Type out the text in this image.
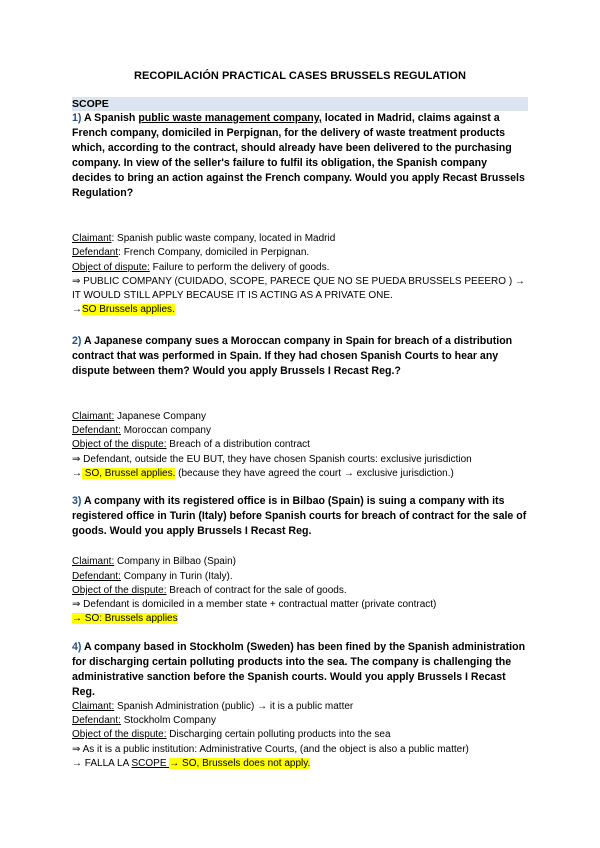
RECOPILACIÓN PRACTICAL CASES BRUSSELS REGULATION

SCOPE

1) A Spanish public waste management company, located in Madrid, claims against a French company, domiciled in Perpignan, for the delivery of waste treatment products which, according to the contract, should already have been delivered to the purchasing company. In view of the seller's failure to fulfil its obligation, the Spanish company decides to bring an action against the French company. Would you apply Recast Brussels Regulation?

Claimant: Spanish public waste company, located in Madrid

Defendant: French Company, domiciled in Perpignan.

Object of dispute: Failure to perform the delivery of goods.

⇒ PUBLIC COMPANY (CUIDADO, SCOPE, PARECE QUE NO SE PUEDA BRUSSELS PEEERO ) → IT WOULD STILL APPLY BECAUSE IT IS ACTING AS A PRIVATE ONE.

→SO Brussels applies.

2) A Japanese company sues a Moroccan company in Spain for breach of a distribution contract that was performed in Spain. If they had chosen Spanish Courts to hear any dispute between them? Would you apply Brussels I Recast Reg.?

Claimant: Japanese Company

Defendant: Moroccan company

Object of the dispute: Breach of a distribution contract

⇒ Defendant, outside the EU BUT, they have chosen Spanish courts: exclusive jurisdiction

→ SO, Brussel applies. (because they have agreed the court → exclusive jurisdiction.)

3) A company with its registered office is in Bilbao (Spain) is suing a company with its registered office in Turin (Italy) before Spanish courts for breach of contract for the sale of goods. Would you apply Brussels I Recast Reg.

Claimant: Company in Bilbao (Spain)

Defendant: Company in Turin (Italy).

Object of the dispute: Breach of contract for the sale of goods.

⇒ Defendant is domiciled in a member state + contractual matter (private contract)

→ SO: Brussels applies

4) A company based in Stockholm (Sweden) has been fined by the Spanish administration for discharging certain polluting products into the sea. The company is challenging the administrative sanction before the Spanish courts. Would you apply Brussels I Recast Reg.

Claimant: Spanish Administration (public) → it is a public matter

Defendant: Stockholm Company

Object of the dispute: Discharging certain polluting products into the sea

⇒ As it is a public institution: Administrative Courts, (and the object is also a public matter)

→ FALLA LA SCOPE → SO, Brussels does not apply.
